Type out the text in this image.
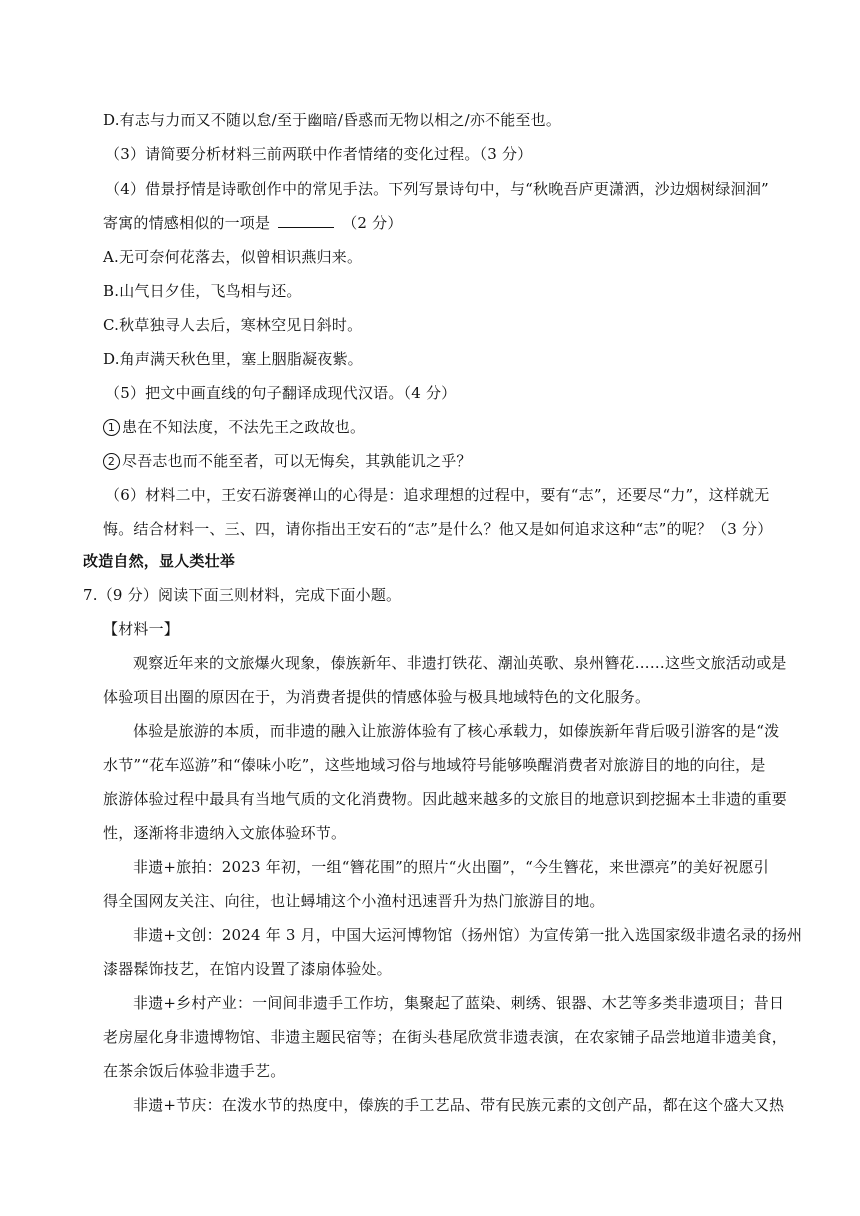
D.有志与力而又不随以怠/至于幽暗/昏惑而无物以相之/亦不能至也。
（3）请简要分析材料三前两联中作者情绪的变化过程。（3 分）
（4）借景抒情是诗歌创作中的常见手法。下列写景诗句中，与“秋晚吾庐更潇洒，沙边烟树绿洄洄”
寄寓的情感相似的一项是	（2 分）
A.无可奈何花落去，似曾相识燕归来。
B.山气日夕佳，飞鸟相与还。
C.秋草独寻人去后，寒林空见日斜时。
D.角声满天秋色里，塞上胭脂凝夜紫。
（5）把文中画直线的句子翻译成现代汉语。（4 分）
1 患在不知法度，不法先王之政故也。
2 尽吾志也而不能至者，可以无悔矣，其孰能讥之乎？
（6）材料二中，王安石游褒禅山的心得是：追求理想的过程中，要有“志”，还要尽“力”，这样就无
悔。结合材料一、三、四，请你指出王安石的“志”是什么？他又是如何追求这种“志”的呢？（3 分）
改造自然，显人类壮举
7.（9 分）阅读下面三则材料，完成下面小题。
【材料一】
观察近年来的文旅爆火现象，傣族新年、非遗打铁花、潮汕英歌、泉州簪花……这些文旅活动或是
体验项目出圈的原因在于，为消费者提供的情感体验与极具地域特色的文化服务。
体验是旅游的本质，而非遗的融入让旅游体验有了核心承载力，如傣族新年背后吸引游客的是“泼
水节”“花车巡游”和“傣味小吃”，这些地域习俗与地域符号能够唤醒消费者对旅游目的地的向往，是
旅游体验过程中最具有当地气质的文化消费物。因此越来越多的文旅目的地意识到挖掘本土非遗的重要
性，逐渐将非遗纳入文旅体验环节。
非遗+旅拍：2023 年初，一组“簪花围”的照片“火出圈”，“今生簪花，来世漂亮”的美好祝愿引
得全国网友关注、向往，也让蟳埔这个小渔村迅速晋升为热门旅游目的地。
非遗+文创：2024 年 3 月，中国大运河博物馆（扬州馆）为宣传第一批入选国家级非遗名录的扬州
漆器髹饰技艺，在馆内设置了漆扇体验处。
非遗+乡村产业：一间间非遗手工作坊，集聚起了蓝染、刺绣、银器、木艺等多类非遗项目；昔日
老房屋化身非遗博物馆、非遗主题民宿等；在街头巷尾欣赏非遗表演，在农家铺子品尝地道非遗美食，
在茶余饭后体验非遗手艺。
非遗+节庆：在泼水节的热度中，傣族的手工艺品、带有民族元素的文创产品，都在这个盛大又热
